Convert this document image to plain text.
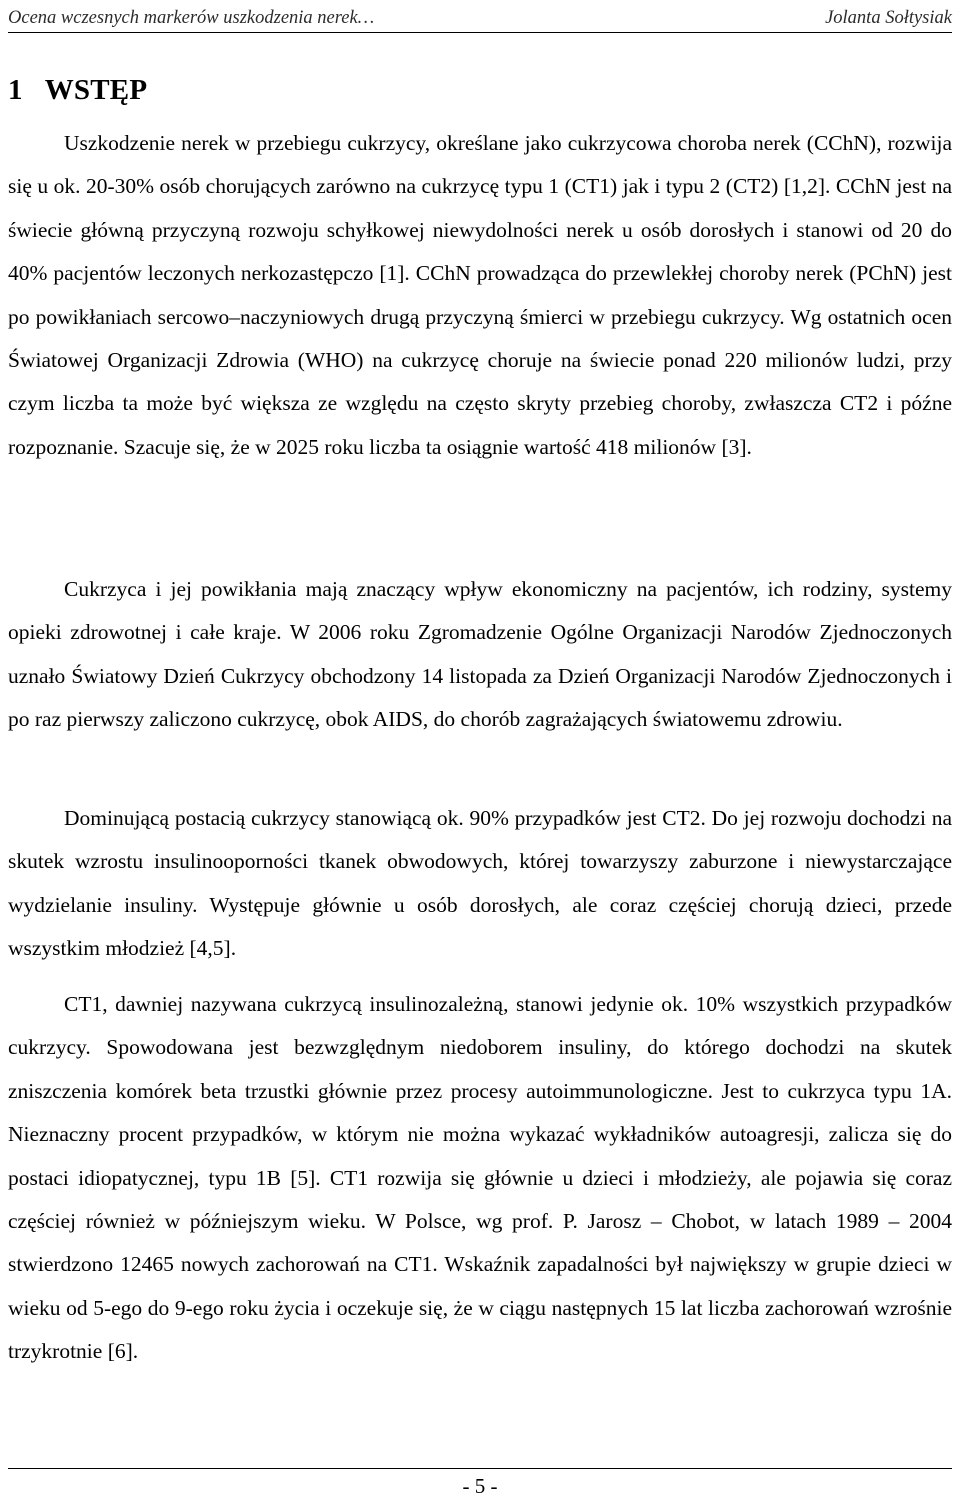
Ocena wczesnych markerów uszkodzenia nerek…	Jolanta Sołtysiak
1 WSTĘP

Uszkodzenie nerek w przebiegu cukrzycy, określane jako cukrzycowa choroba nerek (CChN), rozwija się u ok. 20-30% osób chorujących zarówno na cukrzycę typu 1 (CT1) jak i typu 2 (CT2) [1,2]. CChN jest na świecie główną przyczyną rozwoju schyłkowej niewydolności nerek u osób dorosłych i stanowi od 20 do 40% pacjentów leczonych nerkozastępczo [1]. CChN prowadząca do przewlekłej choroby nerek (PChN) jest po powikłaniach sercowo–naczyniowych drugą przyczyną śmierci w przebiegu cukrzycy. Wg ostatnich ocen Światowej Organizacji Zdrowia (WHO) na cukrzycę choruje na świecie ponad 220 milionów ludzi, przy czym liczba ta może być większa ze względu na często skryty przebieg choroby, zwłaszcza CT2 i późne rozpoznanie. Szacuje się, że w 2025 roku liczba ta osiągnie wartość 418 milionów [3].

Cukrzyca i jej powikłania mają znaczący wpływ ekonomiczny na pacjentów, ich rodziny, systemy opieki zdrowotnej i całe kraje. W 2006 roku Zgromadzenie Ogólne Organizacji Narodów Zjednoczonych uznało Światowy Dzień Cukrzycy obchodzony 14 listopada za Dzień Organizacji Narodów Zjednoczonych i po raz pierwszy zaliczono cukrzycę, obok AIDS, do chorób zagrażających światowemu zdrowiu.

Dominującą postacią cukrzycy stanowiącą ok. 90% przypadków jest CT2. Do jej rozwoju dochodzi na skutek wzrostu insulinooporności tkanek obwodowych, której towarzyszy zaburzone i niewystarczające wydzielanie insuliny. Występuje głównie u osób dorosłych, ale coraz częściej chorują dzieci, przede wszystkim młodzież [4,5].

CT1, dawniej nazywana cukrzycą insulinozależną, stanowi jedynie ok. 10% wszystkich przypadków cukrzycy. Spowodowana jest bezwzględnym niedoborem insuliny, do którego dochodzi na skutek zniszczenia komórek beta trzustki głównie przez procesy autoimmunologiczne. Jest to cukrzyca typu 1A. Nieznaczny procent przypadków, w którym nie można wykazać wykładników autoagresji, zalicza się do postaci idiopatycznej, typu 1B [5]. CT1 rozwija się głównie u dzieci i młodzieży, ale pojawia się coraz częściej również w późniejszym wieku. W Polsce, wg prof. P. Jarosz – Chobot, w latach 1989 – 2004 stwierdzono 12465 nowych zachorowań na CT1. Wskaźnik zapadalności był największy w grupie dzieci w wieku od 5-ego do 9-ego roku życia i oczekuje się, że w ciągu następnych 15 lat liczba zachorowań wzrośnie trzykrotnie [6].

- 5 -
